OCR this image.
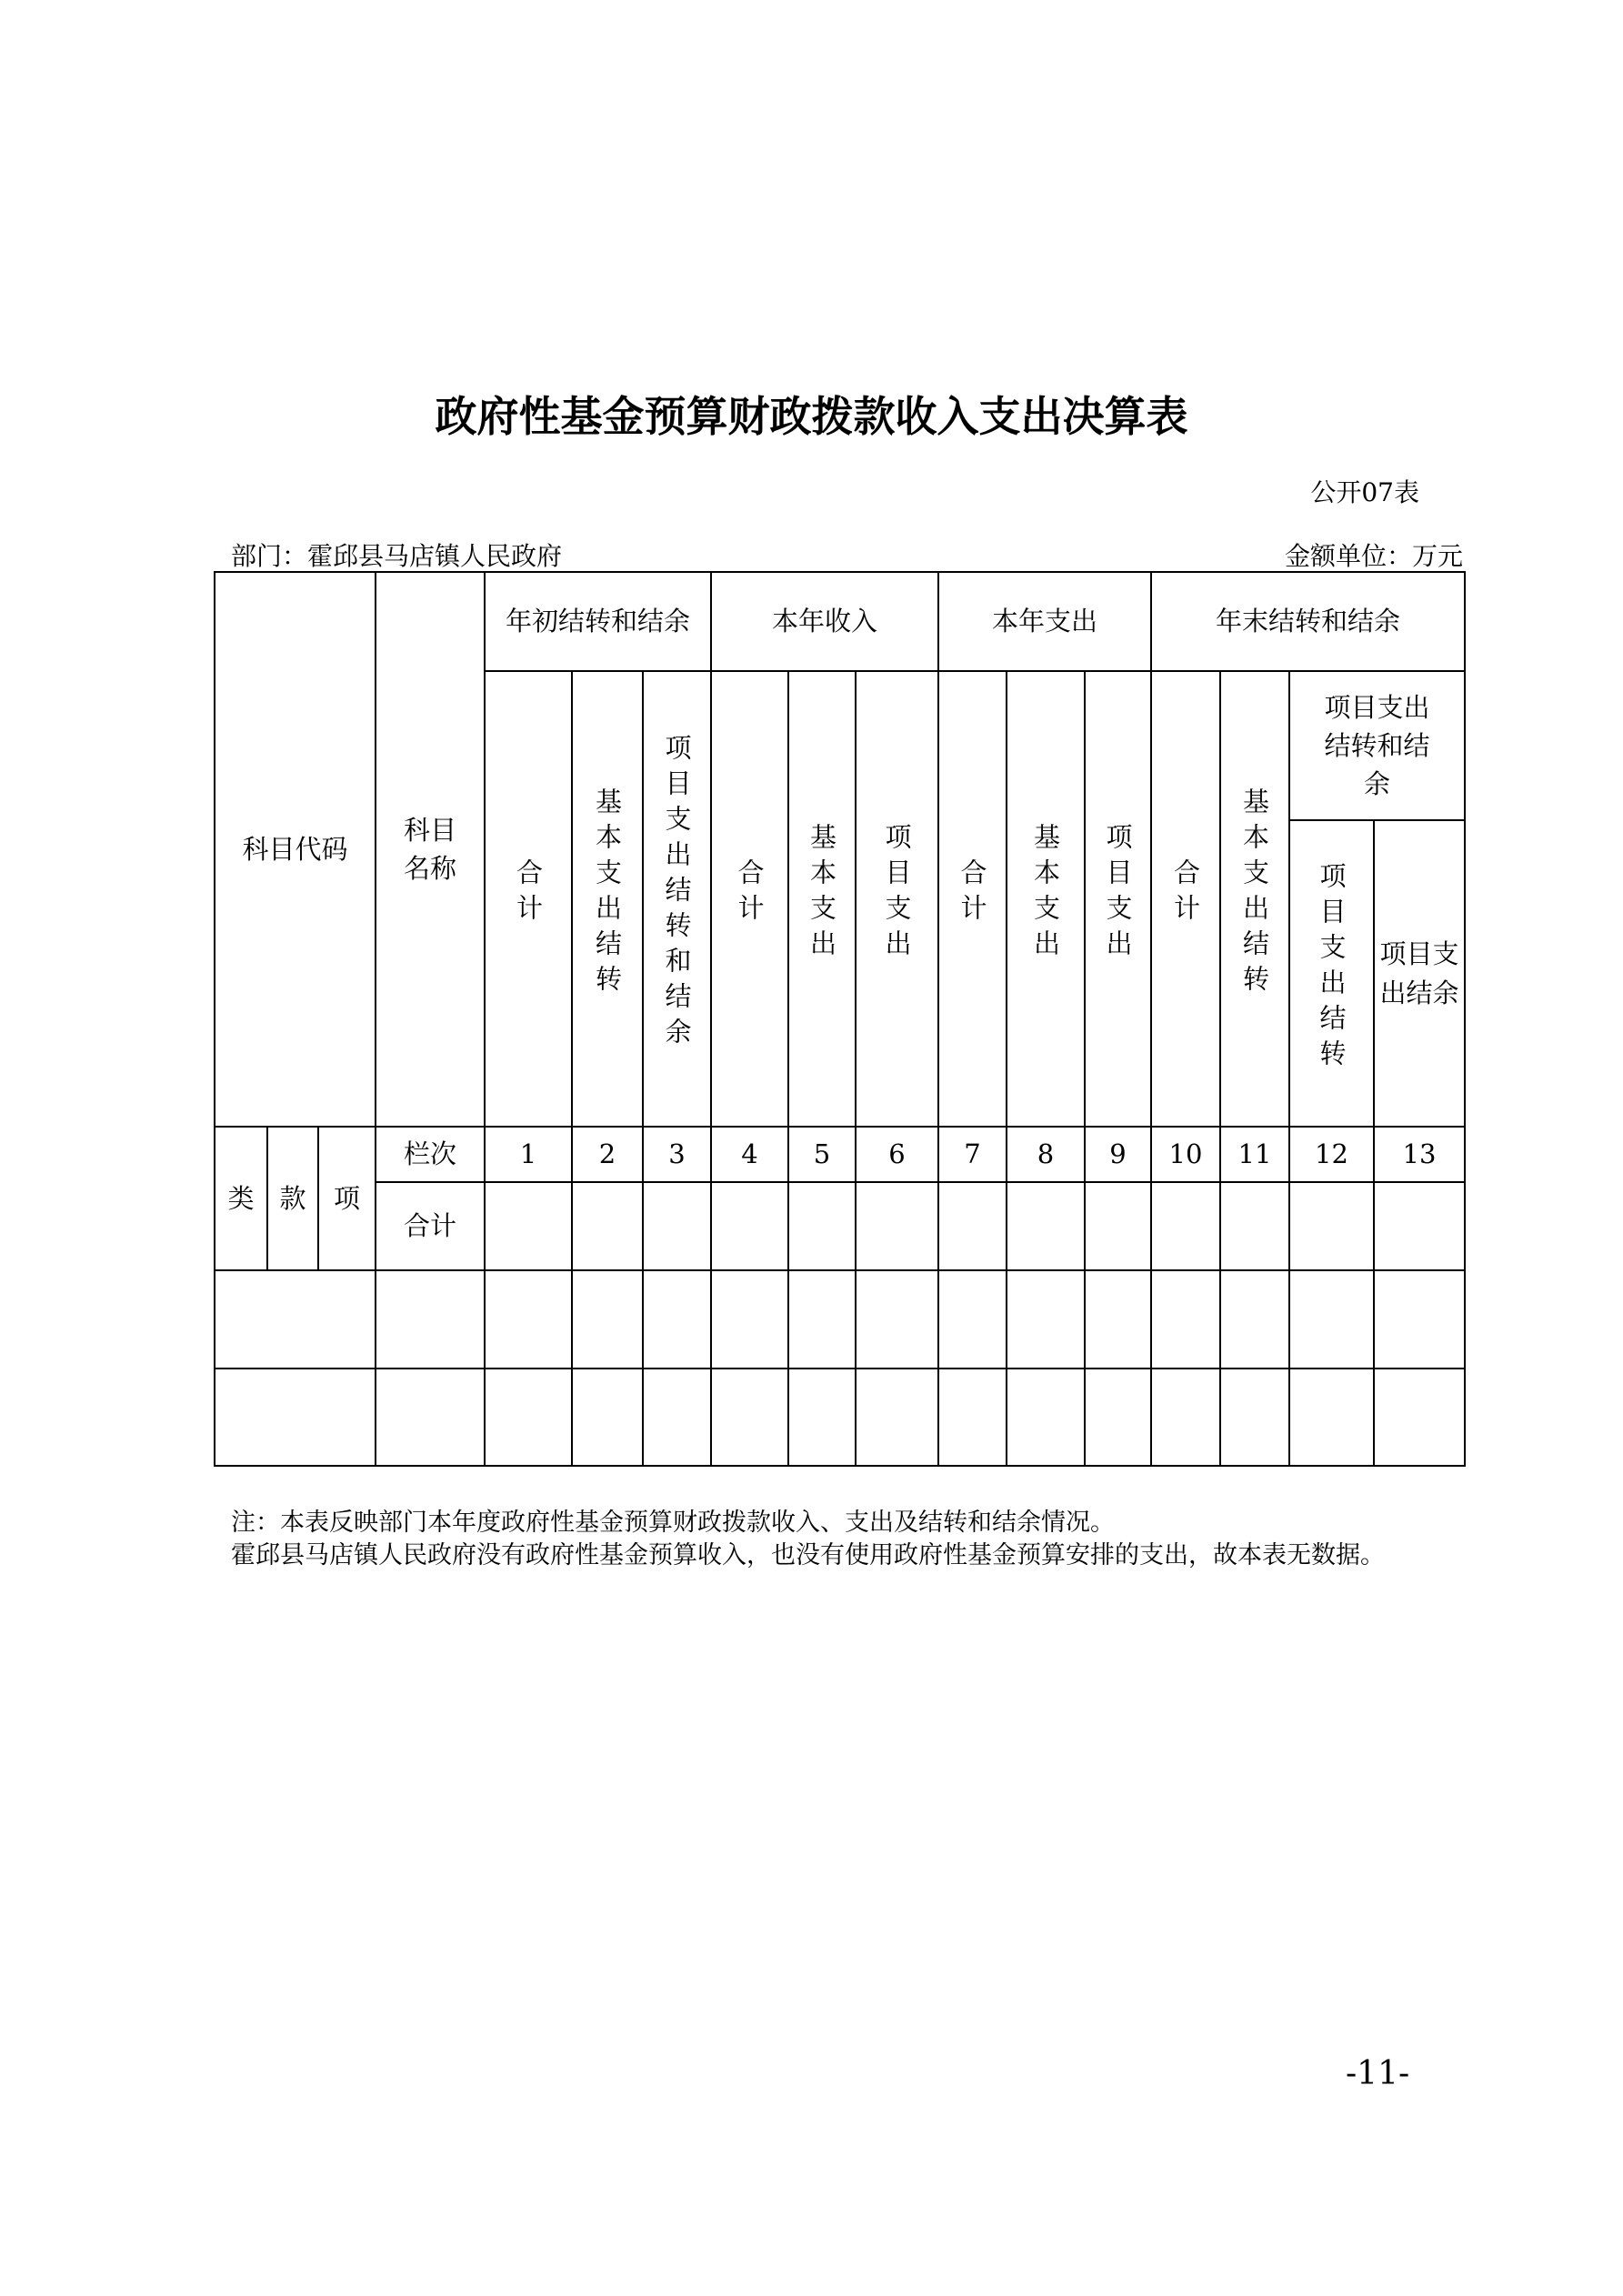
政府性基金预算财政拨款收入支出决算表
公开07表
部门：霍邱县马店镇人民政府	金额单位：万元
科目代码			科目名称	年初结转和结余			本年收入			本年支出			年末结转和结余			
				合计	基本支出结转	项目支出结转和结余	合计	基本支出	项目支出	合计	基本支出	项目支出	合计	基本支出结转	项目支出结转和结余	
															项目支出结转	项目支出结余
类	款	项	栏次	1	2	3	4	5	6	7	8	9	10	11	12	13
			合计													

注：本表反映部门本年度政府性基金预算财政拨款收入、支出及结转和结余情况。
霍邱县马店镇人民政府没有政府性基金预算收入，也没有使用政府性基金预算安排的支出，故本表无数据。
-11-
